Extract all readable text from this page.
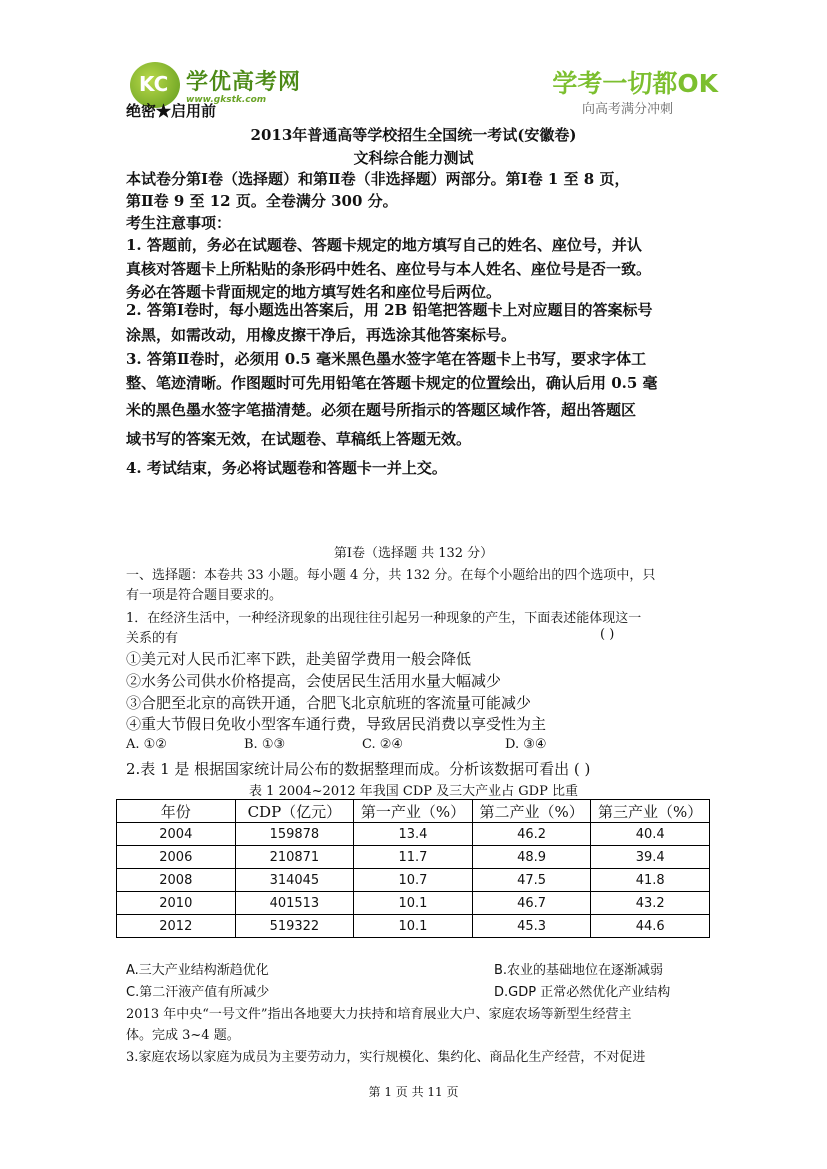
KC
学优高考网
www.gkstk.com
学考一切都OK
向高考满分冲刺
绝密★启用前
2013年普通高等学校招生全国统一考试(安徽卷)
文科综合能力测试
本试卷分第Ⅰ卷（选择题）和第Ⅱ卷（非选择题）两部分。第Ⅰ卷 1 至 8 页，
第Ⅱ卷 9 至 12 页。全卷满分 300 分。
考生注意事项：
1. 答题前，务必在试题卷、答题卡规定的地方填写自己的姓名、座位号，并认
真核对答题卡上所粘贴的条形码中姓名、座位号与本人姓名、座位号是否一致。
务必在答题卡背面规定的地方填写姓名和座位号后两位。
2. 答第Ⅰ卷时，每小题选出答案后，用 2B 铅笔把答题卡上对应题目的答案标号
涂黑，如需改动，用橡皮擦干净后，再选涂其他答案标号。
3. 答第Ⅱ卷时，必须用 0.5 毫米黑色墨水签字笔在答题卡上书写，要求字体工
整、笔迹清晰。作图题时可先用铅笔在答题卡规定的位置绘出，确认后用 0.5 毫
米的黑色墨水签字笔描清楚。必须在题号所指示的答题区域作答，超出答题区
域书写的答案无效，在试题卷、草稿纸上答题无效。
4. 考试结束，务必将试题卷和答题卡一并上交。
第Ⅰ卷（选择题 共 132 分）
一、选择题：本卷共 33 小题。每小题 4 分，共 132 分。在每个小题给出的四个选项中，只
有一项是符合题目要求的。
1．在经济生活中，一种经济现象的出现往往引起另一种现象的产生，下面表述能体现这一
关系的有	( )
①美元对人民币汇率下跌，赴美留学费用一般会降低
②水务公司供水价格提高，会使居民生活用水量大幅减少
③合肥至北京的高铁开通，合肥飞北京航班的客流量可能减少
④重大节假日免收小型客车通行费，导致居民消费以享受性为主
A. ①②	B. ①③	C. ②④	D. ③④
2.表 1 是 根据国家统计局公布的数据整理而成。分析该数据可看出 ( )
表 1 2004~2012 年我国 CDP 及三大产业占 GDP 比重
年份	CDP（亿元）	第一产业（%）	第二产业（%）	第三产业（%）
2004	159878	13.4	46.2	40.4
2006	210871	11.7	48.9	39.4
2008	314045	10.7	47.5	41.8
2010	401513	10.1	46.7	43.2
2012	519322	10.1	45.3	44.6
A.三大产业结构渐趋优化	B.农业的基础地位在逐渐减弱
C.第二汗液产值有所减少	D.GDP 正常必然优化产业结构
2013 年中央“一号文件”指出各地要大力扶持和培育展业大户、家庭农场等新型生经营主
体。完成 3~4 题。
3.家庭农场以家庭为成员为主要劳动力，实行规模化、集约化、商品化生产经营，不对促进
第 1 页 共 11 页
